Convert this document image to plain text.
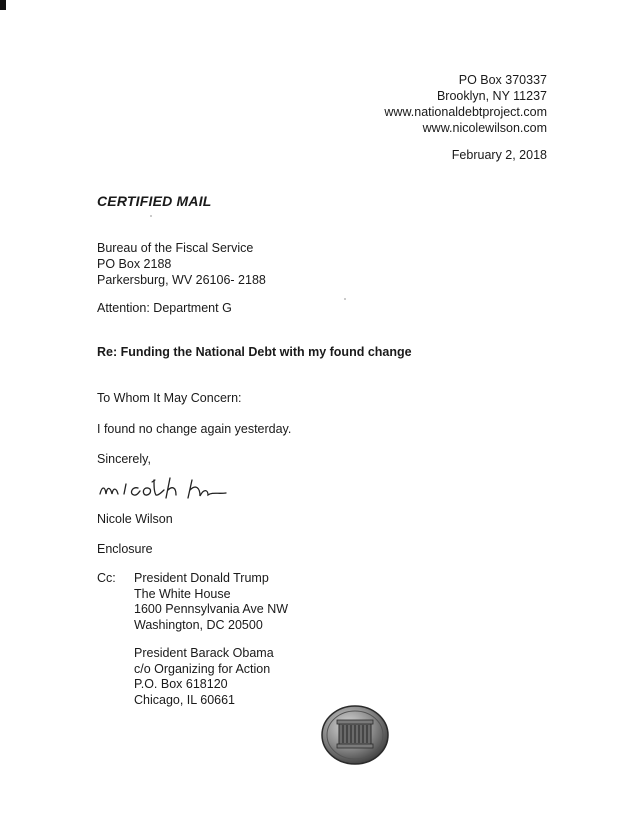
PO Box 370337
Brooklyn, NY 11237
www.nationaldebtproject.com
www.nicolewilson.com
February 2, 2018
CERTIFIED MAIL
Bureau of the Fiscal Service
PO Box 2188
Parkersburg, WV 26106- 2188
Attention: Department G
Re: Funding the National Debt with my found change
To Whom It May Concern:
I found no change again yesterday.
Sincerely,
Nicole Wilson
Enclosure
Cc: President Donald Trump
The White House
1600 Pennsylvania Ave NW
Washington, DC 20500
President Barack Obama
c/o Organizing for Action
P.O. Box 618120
Chicago, IL 60661
